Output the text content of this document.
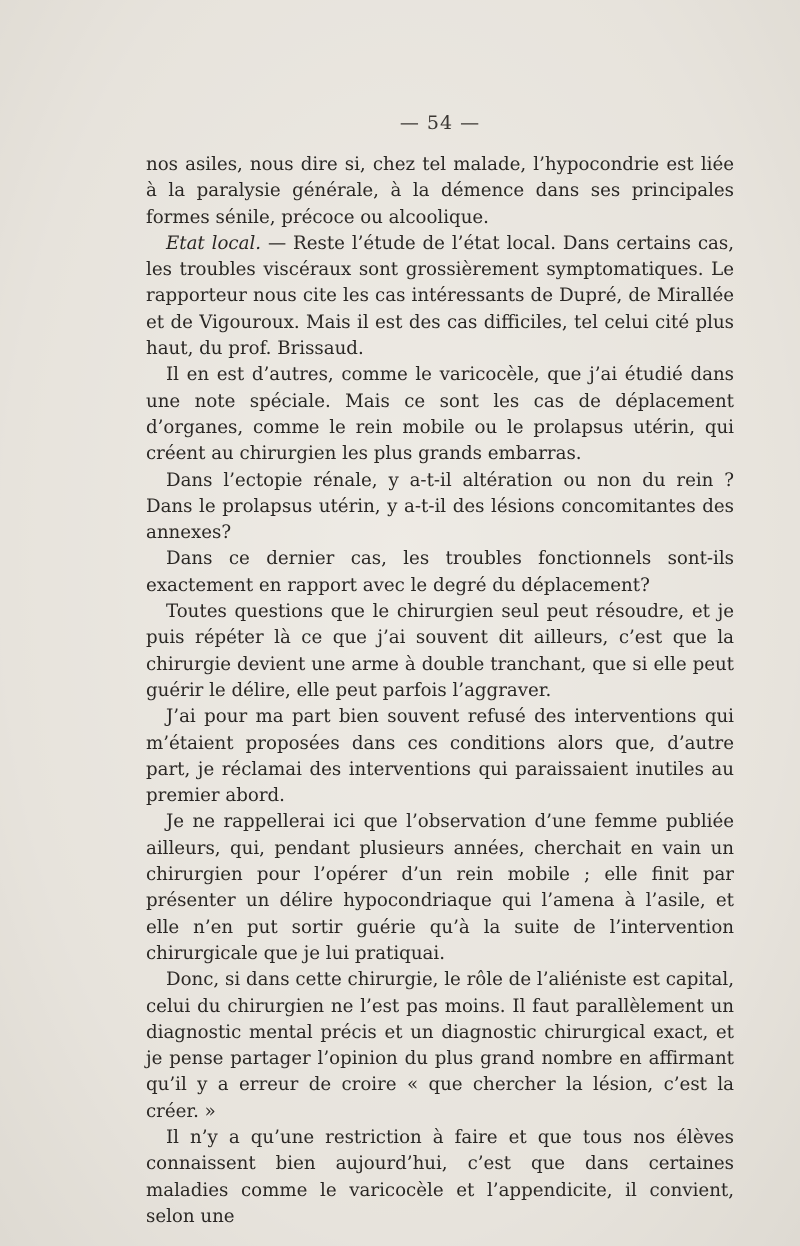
— 54 —

nos asiles, nous dire si, chez tel malade, l’hypocondrie est liée à la paralysie générale, à la démence dans ses principales formes sénile, précoce ou alcoolique.

Etat local. — Reste l’étude de l’état local. Dans certains cas, les troubles viscéraux sont grossièrement symptomatiques. Le rapporteur nous cite les cas intéressants de Dupré, de Mirallée et de Vigouroux. Mais il est des cas difficiles, tel celui cité plus haut, du prof. Brissaud.

Il en est d’autres, comme le varicocèle, que j’ai étudié dans une note spéciale. Mais ce sont les cas de déplacement d’organes, comme le rein mobile ou le prolapsus utérin, qui créent au chirurgien les plus grands embarras.

Dans l’ectopie rénale, y a-t-il altération ou non du rein ? Dans le prolapsus utérin, y a-t-il des lésions concomitantes des annexes?

Dans ce dernier cas, les troubles fonctionnels sont-ils exactement en rapport avec le degré du déplacement?

Toutes questions que le chirurgien seul peut résoudre, et je puis répéter là ce que j’ai souvent dit ailleurs, c’est que la chirurgie devient une arme à double tranchant, que si elle peut guérir le délire, elle peut parfois l’aggraver.

J’ai pour ma part bien souvent refusé des interventions qui m’étaient proposées dans ces conditions alors que, d’autre part, je réclamai des interventions qui paraissaient inutiles au premier abord.

Je ne rappellerai ici que l’observation d’une femme publiée ailleurs, qui, pendant plusieurs années, cherchait en vain un chirurgien pour l’opérer d’un rein mobile ; elle finit par présenter un délire hypocondriaque qui l’amena à l’asile, et elle n’en put sortir guérie qu’à la suite de l’intervention chirurgicale que je lui pratiquai.

Donc, si dans cette chirurgie, le rôle de l’aliéniste est capital, celui du chirurgien ne l’est pas moins. Il faut parallèlement un diagnostic mental précis et un diagnostic chirurgical exact, et je pense partager l’opinion du plus grand nombre en affirmant qu’il y a erreur de croire « que chercher la lésion, c’est la créer. »

Il n’y a qu’une restriction à faire et que tous nos élèves connaissent bien aujourd’hui, c’est que dans certaines maladies comme le varicocèle et l’appendicite, il convient, selon une
